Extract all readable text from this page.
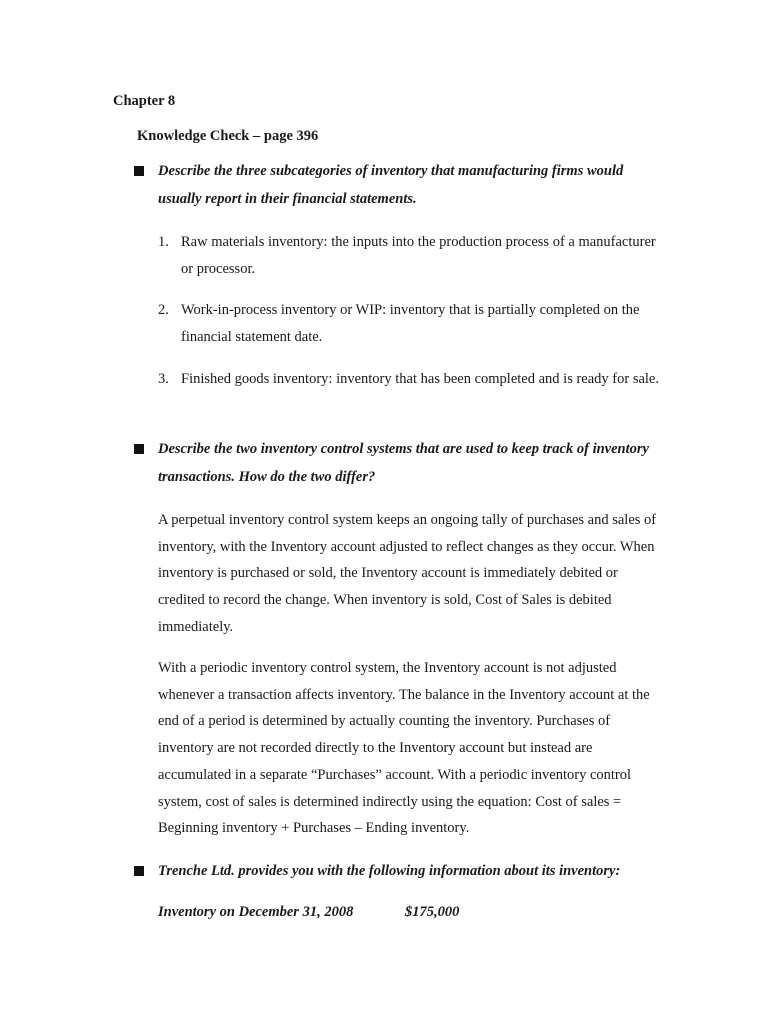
Chapter 8
Knowledge Check – page 396
Describe the three subcategories of inventory that manufacturing firms would usually report in their financial statements.
1. Raw materials inventory: the inputs into the production process of a manufacturer or processor.
2. Work-in-process inventory or WIP: inventory that is partially completed on the financial statement date.
3. Finished goods inventory: inventory that has been completed and is ready for sale.
Describe the two inventory control systems that are used to keep track of inventory transactions. How do the two differ?
A perpetual inventory control system keeps an ongoing tally of purchases and sales of inventory, with the Inventory account adjusted to reflect changes as they occur. When inventory is purchased or sold, the Inventory account is immediately debited or credited to record the change. When inventory is sold, Cost of Sales is debited immediately.
With a periodic inventory control system, the Inventory account is not adjusted whenever a transaction affects inventory. The balance in the Inventory account at the end of a period is determined by actually counting the inventory. Purchases of inventory are not recorded directly to the Inventory account but instead are accumulated in a separate “Purchases” account. With a periodic inventory control system, cost of sales is determined indirectly using the equation: Cost of sales = Beginning inventory + Purchases – Ending inventory.
Trenche Ltd. provides you with the following information about its inventory:
Inventory on December 31, 2008	$175,000
